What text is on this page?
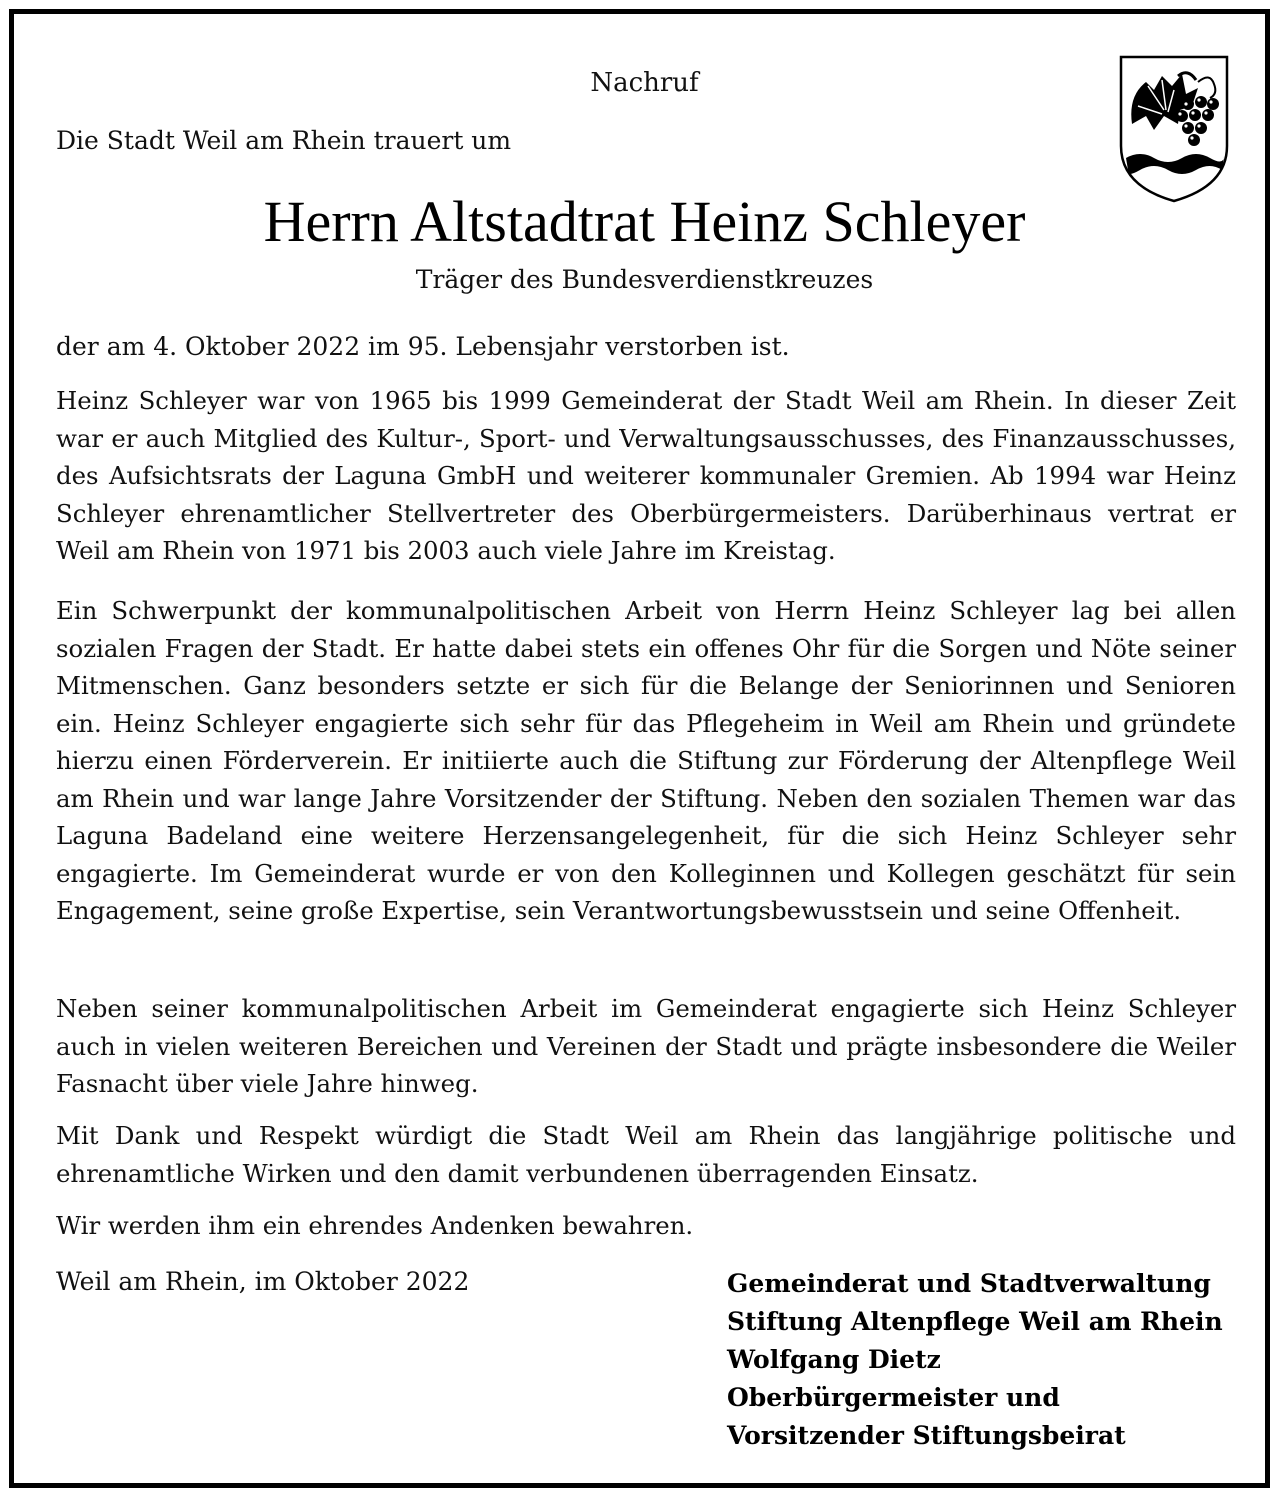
Nachruf
Die Stadt Weil am Rhein trauert um
Herrn Altstadtrat Heinz Schleyer
Träger des Bundesverdienstkreuzes
der am 4. Oktober 2022 im 95. Lebensjahr verstorben ist.
Heinz Schleyer war von 1965 bis 1999 Gemeinderat der Stadt Weil am Rhein. In dieser Zeit war er auch Mitglied des Kultur-, Sport- und Verwaltungsausschusses, des Finanzausschusses, des Aufsichtsrats der Laguna GmbH und weiterer kommunaler Gremien. Ab 1994 war Heinz Schleyer ehrenamtlicher Stellvertreter des Oberbürgermeisters. Darüberhinaus vertrat er Weil am Rhein von 1971 bis 2003 auch viele Jahre im Kreistag.
Ein Schwerpunkt der kommunalpolitischen Arbeit von Herrn Heinz Schleyer lag bei allen sozialen Fragen der Stadt. Er hatte dabei stets ein offenes Ohr für die Sorgen und Nöte seiner Mitmenschen. Ganz besonders setzte er sich für die Belange der Seniorinnen und Senioren ein. Heinz Schleyer engagierte sich sehr für das Pflegeheim in Weil am Rhein und gründete hierzu einen Förderverein. Er initiierte auch die Stiftung zur Förderung der Altenpflege Weil am Rhein und war lange Jahre Vorsitzender der Stiftung. Neben den sozialen Themen war das Laguna Badeland eine weitere Herzensangelegenheit, für die sich Heinz Schleyer sehr engagierte. Im Gemeinderat wurde er von den Kolleginnen und Kollegen geschätzt für sein Engagement, seine große Expertise, sein Verantwortungsbewusstsein und seine Offenheit.
Neben seiner kommunalpolitischen Arbeit im Gemeinderat engagierte sich Heinz Schleyer auch in vielen weiteren Bereichen und Vereinen der Stadt und prägte insbesondere die Weiler Fasnacht über viele Jahre hinweg.
Mit Dank und Respekt würdigt die Stadt Weil am Rhein das langjährige politische und ehrenamtliche Wirken und den damit verbundenen überragenden Einsatz.
Wir werden ihm ein ehrendes Andenken bewahren.
Weil am Rhein, im Oktober 2022	Gemeinderat und Stadtverwaltung
Stiftung Altenpflege Weil am Rhein
Wolfgang Dietz
Oberbürgermeister und
Vorsitzender Stiftungsbeirat
